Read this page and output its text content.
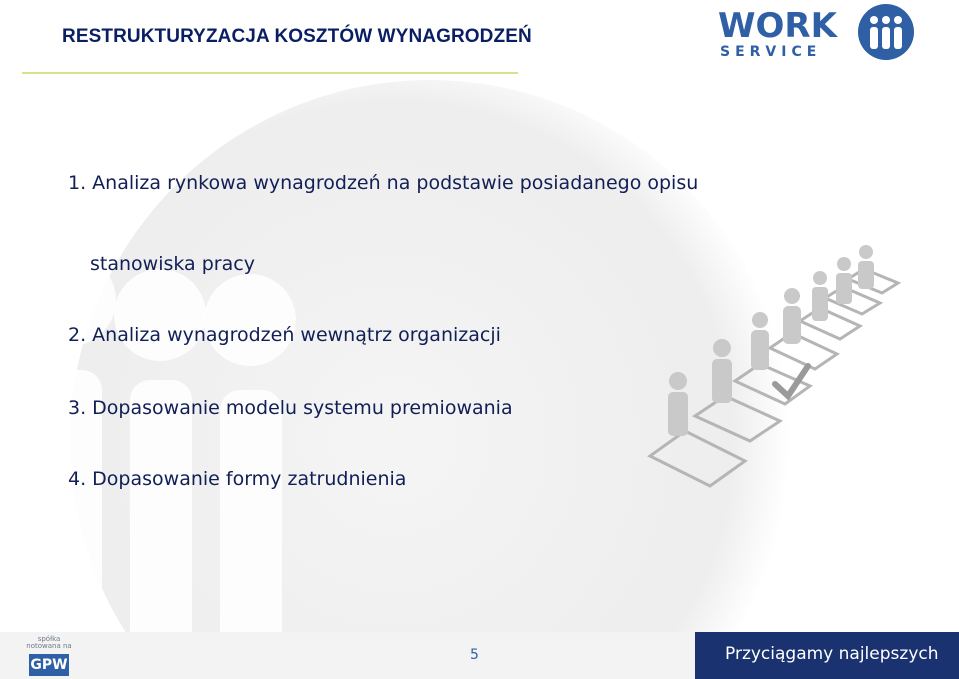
RESTRUKTURYZACJA KOSZTÓW WYNAGRODZEŃ	WORK
SERVICE
1. Analiza rynkowa wynagrodzeń na podstawie posiadanego opisu
stanowiska pracy
2. Analiza wynagrodzeń wewnątrz organizacji
3. Dopasowanie modelu systemu premiowania
4. Dopasowanie formy zatrudnienia
spółka notowana na
GPW
5	Przyciągamy najlepszych
